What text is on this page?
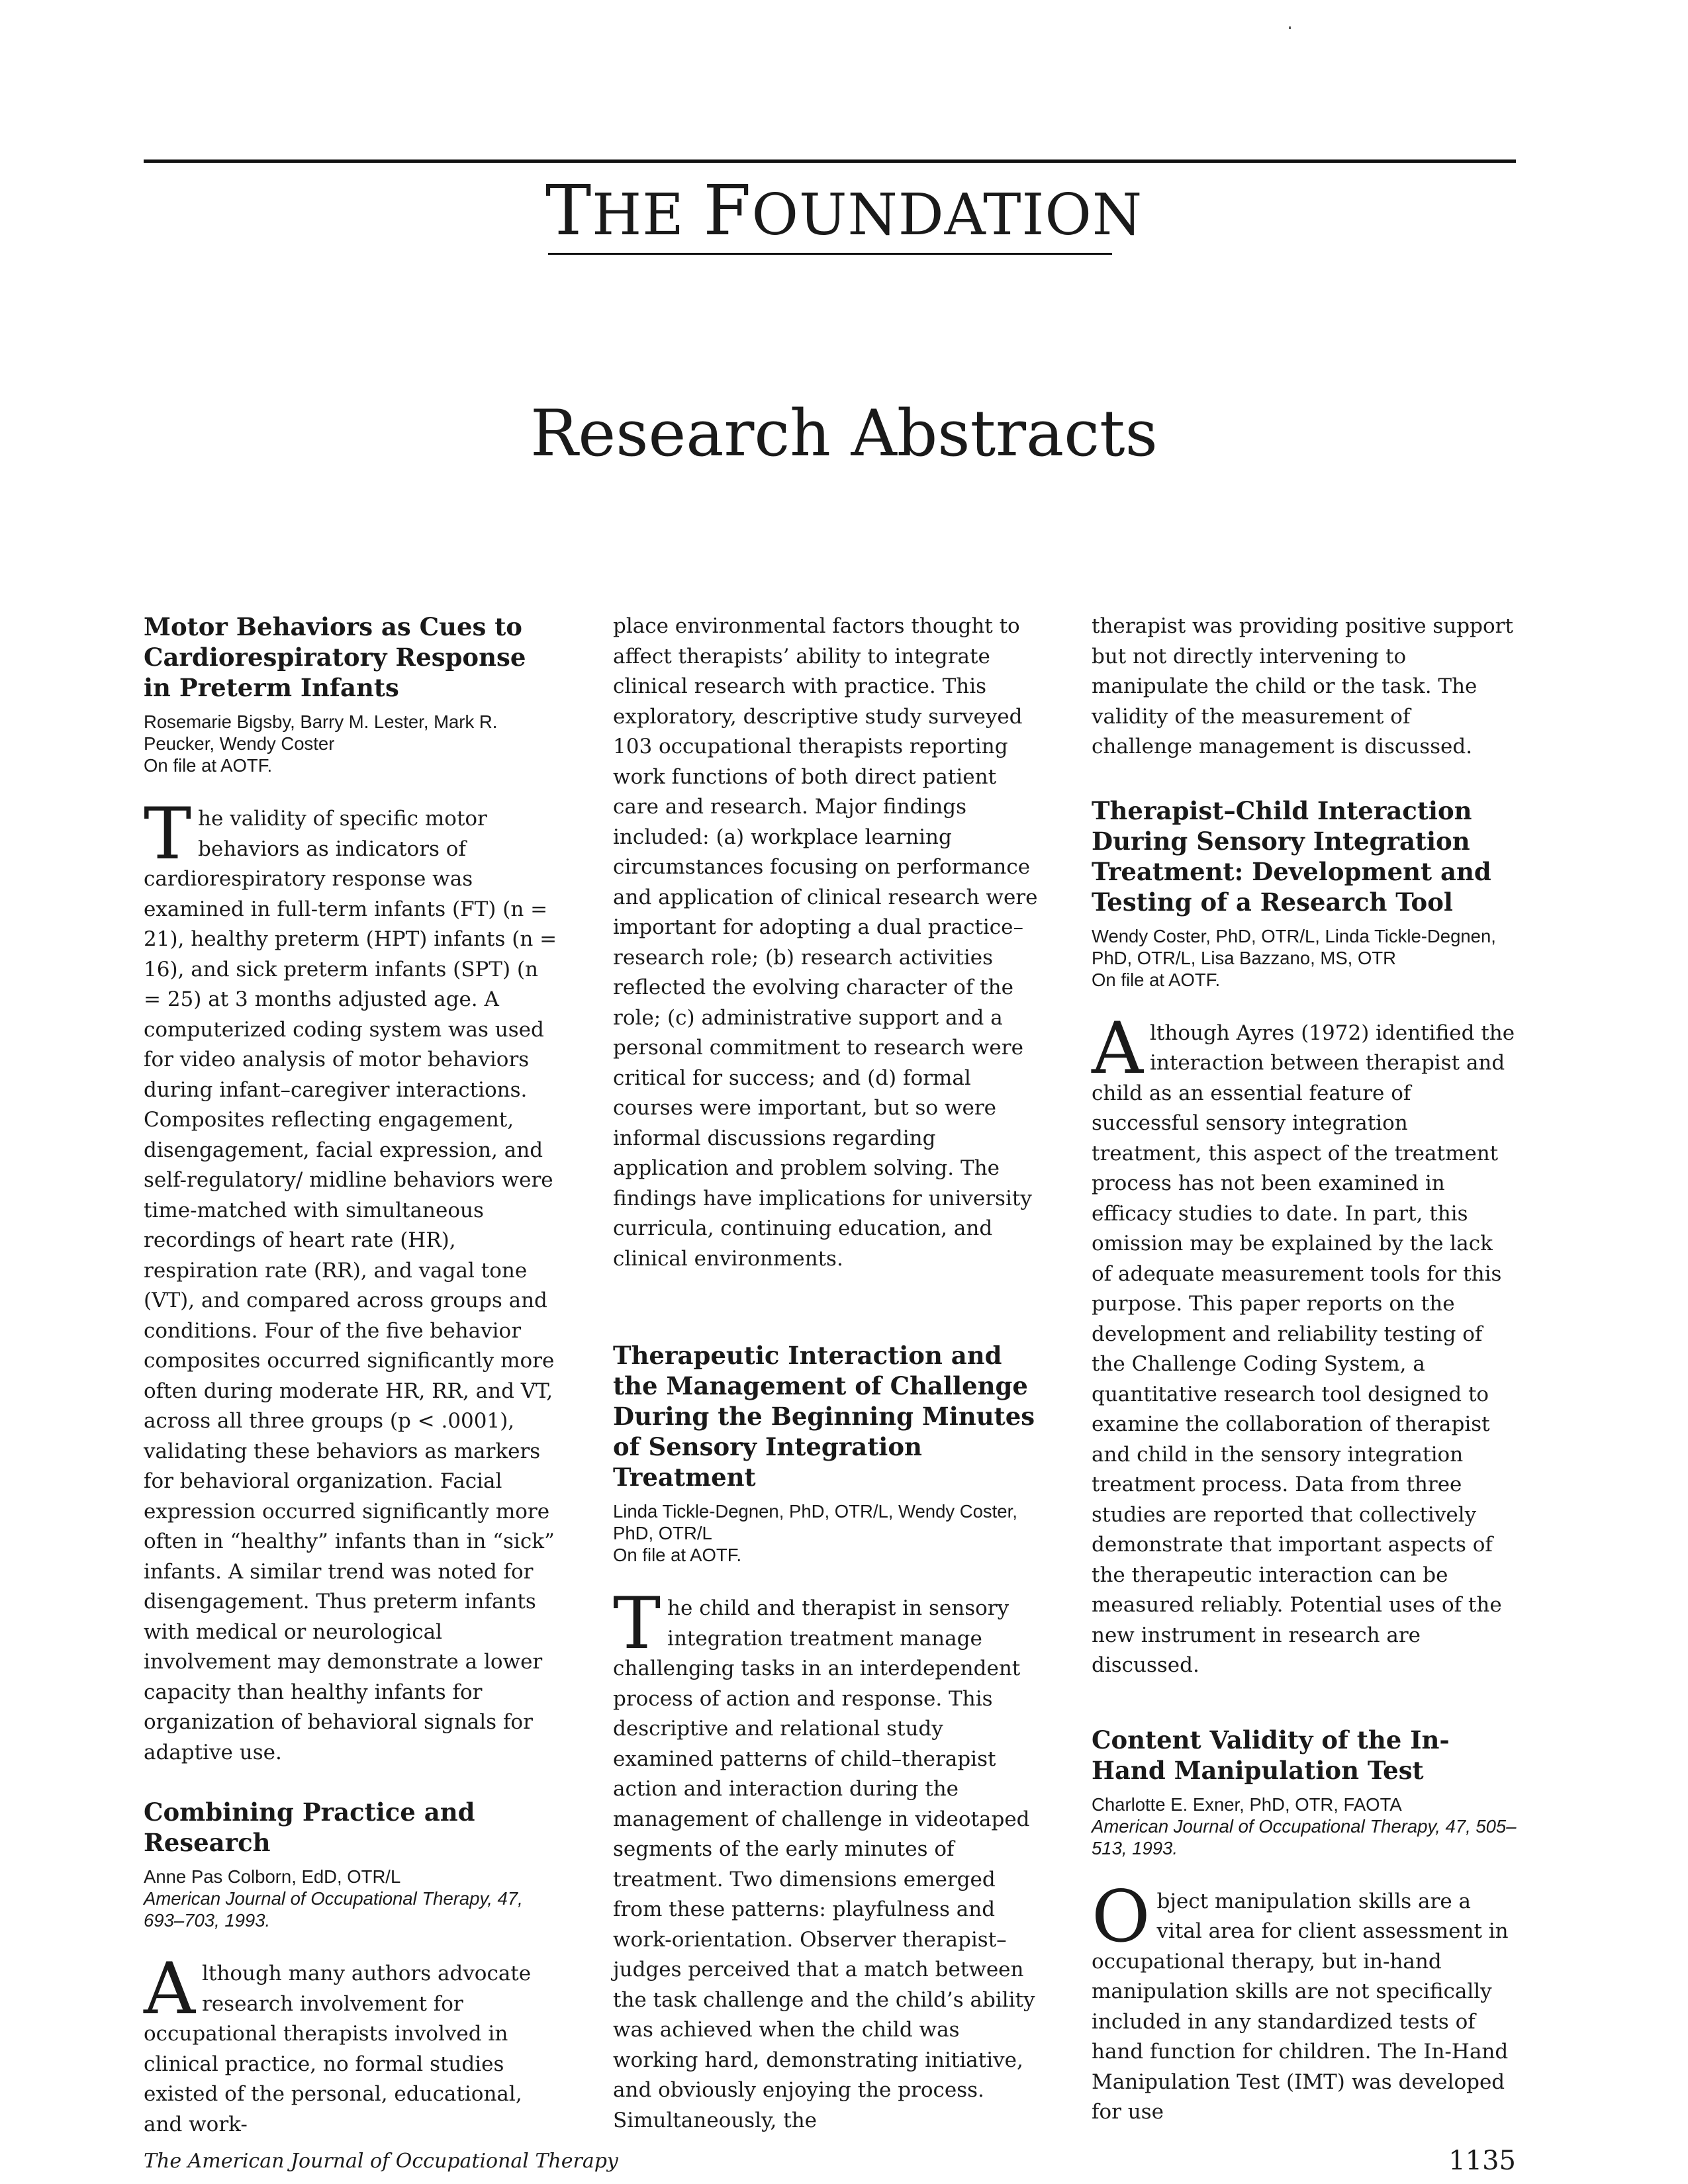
THE FOUNDATION
Research Abstracts
Motor Behaviors as Cues to Cardiorespiratory Response in Preterm Infants

Rosemarie Bigsby, Barry M. Lester, Mark R. Peucker, Wendy Coster

On file at AOTF.

The validity of specific motor behaviors as indicators of cardiorespiratory response was examined in full-term infants (FT) (n = 21), healthy preterm (HPT) infants (n = 16), and sick preterm infants (SPT) (n = 25) at 3 months adjusted age. A computerized coding system was used for video analysis of motor behaviors during infant–caregiver interactions. Composites reflecting engagement, disengagement, facial expression, and self-regulatory/ midline behaviors were time-matched with simultaneous recordings of heart rate (HR), respiration rate (RR), and vagal tone (VT), and compared across groups and conditions. Four of the five behavior composites occurred significantly more often during moderate HR, RR, and VT, across all three groups (p < .0001), validating these behaviors as markers for behavioral organization. Facial expression occurred significantly more often in “healthy” infants than in “sick” infants. A similar trend was noted for disengagement. Thus preterm infants with medical or neurological involvement may demonstrate a lower capacity than healthy infants for organization of behavioral signals for adaptive use.

Combining Practice and Research

Anne Pas Colborn, EdD, OTR/L

American Journal of Occupational Therapy, 47, 693–703, 1993.

Although many authors advocate research involvement for occupational therapists involved in clinical practice, no formal studies existed of the personal, educational, and work-

place environmental factors thought to affect therapists’ ability to integrate clinical research with practice. This exploratory, descriptive study surveyed 103 occupational therapists reporting work functions of both direct patient care and research. Major findings included: (a) workplace learning circumstances focusing on performance and application of clinical research were important for adopting a dual practice–research role; (b) research activities reflected the evolving character of the role; (c) administrative support and a personal commitment to research were critical for success; and (d) formal courses were important, but so were informal discussions regarding application and problem solving. The findings have implications for university curricula, continuing education, and clinical environments.

Therapeutic Interaction and the Management of Challenge During the Beginning Minutes of Sensory Integration Treatment

Linda Tickle-Degnen, PhD, OTR/L, Wendy Coster, PhD, OTR/L

On file at AOTF.

The child and therapist in sensory integration treatment manage challenging tasks in an interdependent process of action and response. This descriptive and relational study examined patterns of child–therapist action and interaction during the management of challenge in videotaped segments of the early minutes of treatment. Two dimensions emerged from these patterns: playfulness and work-orientation. Observer therapist–judges perceived that a match between the task challenge and the child’s ability was achieved when the child was working hard, demonstrating initiative, and obviously enjoying the process. Simultaneously, the

therapist was providing positive support but not directly intervening to manipulate the child or the task. The validity of the measurement of challenge management is discussed.

Therapist–Child Interaction During Sensory Integration Treatment: Development and Testing of a Research Tool

Wendy Coster, PhD, OTR/L, Linda Tickle-Degnen, PhD, OTR/L, Lisa Bazzano, MS, OTR

On file at AOTF.

Although Ayres (1972) identified the interaction between therapist and child as an essential feature of successful sensory integration treatment, this aspect of the treatment process has not been examined in efficacy studies to date. In part, this omission may be explained by the lack of adequate measurement tools for this purpose. This paper reports on the development and reliability testing of the Challenge Coding System, a quantitative research tool designed to examine the collaboration of therapist and child in the sensory integration treatment process. Data from three studies are reported that collectively demonstrate that important aspects of the therapeutic interaction can be measured reliably. Potential uses of the new instrument in research are discussed.

Content Validity of the In-Hand Manipulation Test

Charlotte E. Exner, PhD, OTR, FAOTA

American Journal of Occupational Therapy, 47, 505–513, 1993.

Object manipulation skills are a vital area for client assessment in occupational therapy, but in-hand manipulation skills are not specifically included in any standardized tests of hand function for children. The In-Hand Manipulation Test (IMT) was developed for use

The American Journal of Occupational Therapy	1135
